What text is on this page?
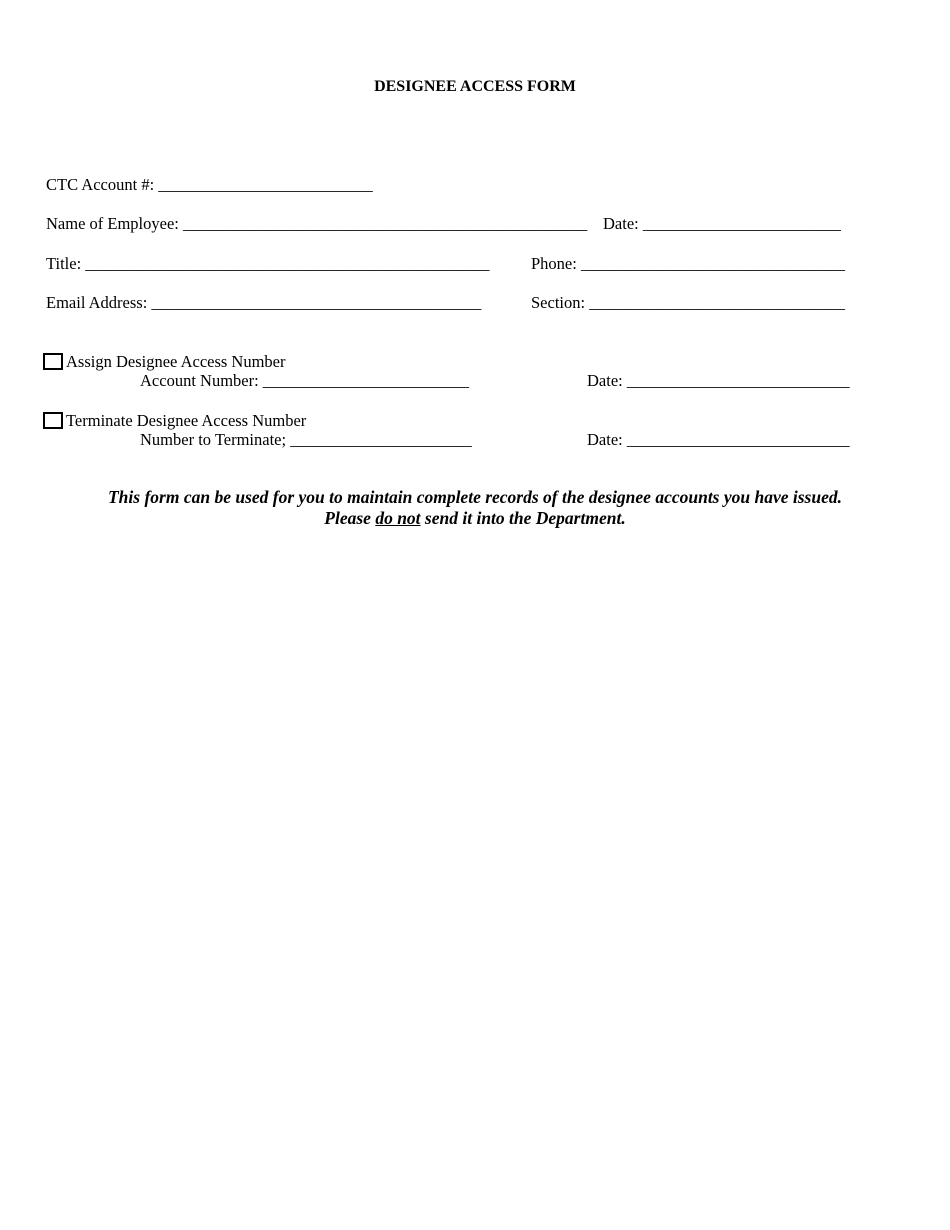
DESIGNEE ACCESS FORM
CTC Account #: __________________________
Name of Employee: _________________________________________________ Date: ________________________
Title: _________________________________________________	Phone: ________________________________
Email Address: ________________________________________	Section: _______________________________
Assign Designee Access Number
Account Number: _________________________	Date: ___________________________
Terminate Designee Access Number
Number to Terminate; ______________________	Date: ___________________________
This form can be used for you to maintain complete records of the designee accounts you have issued.
Please do not send it into the Department.
